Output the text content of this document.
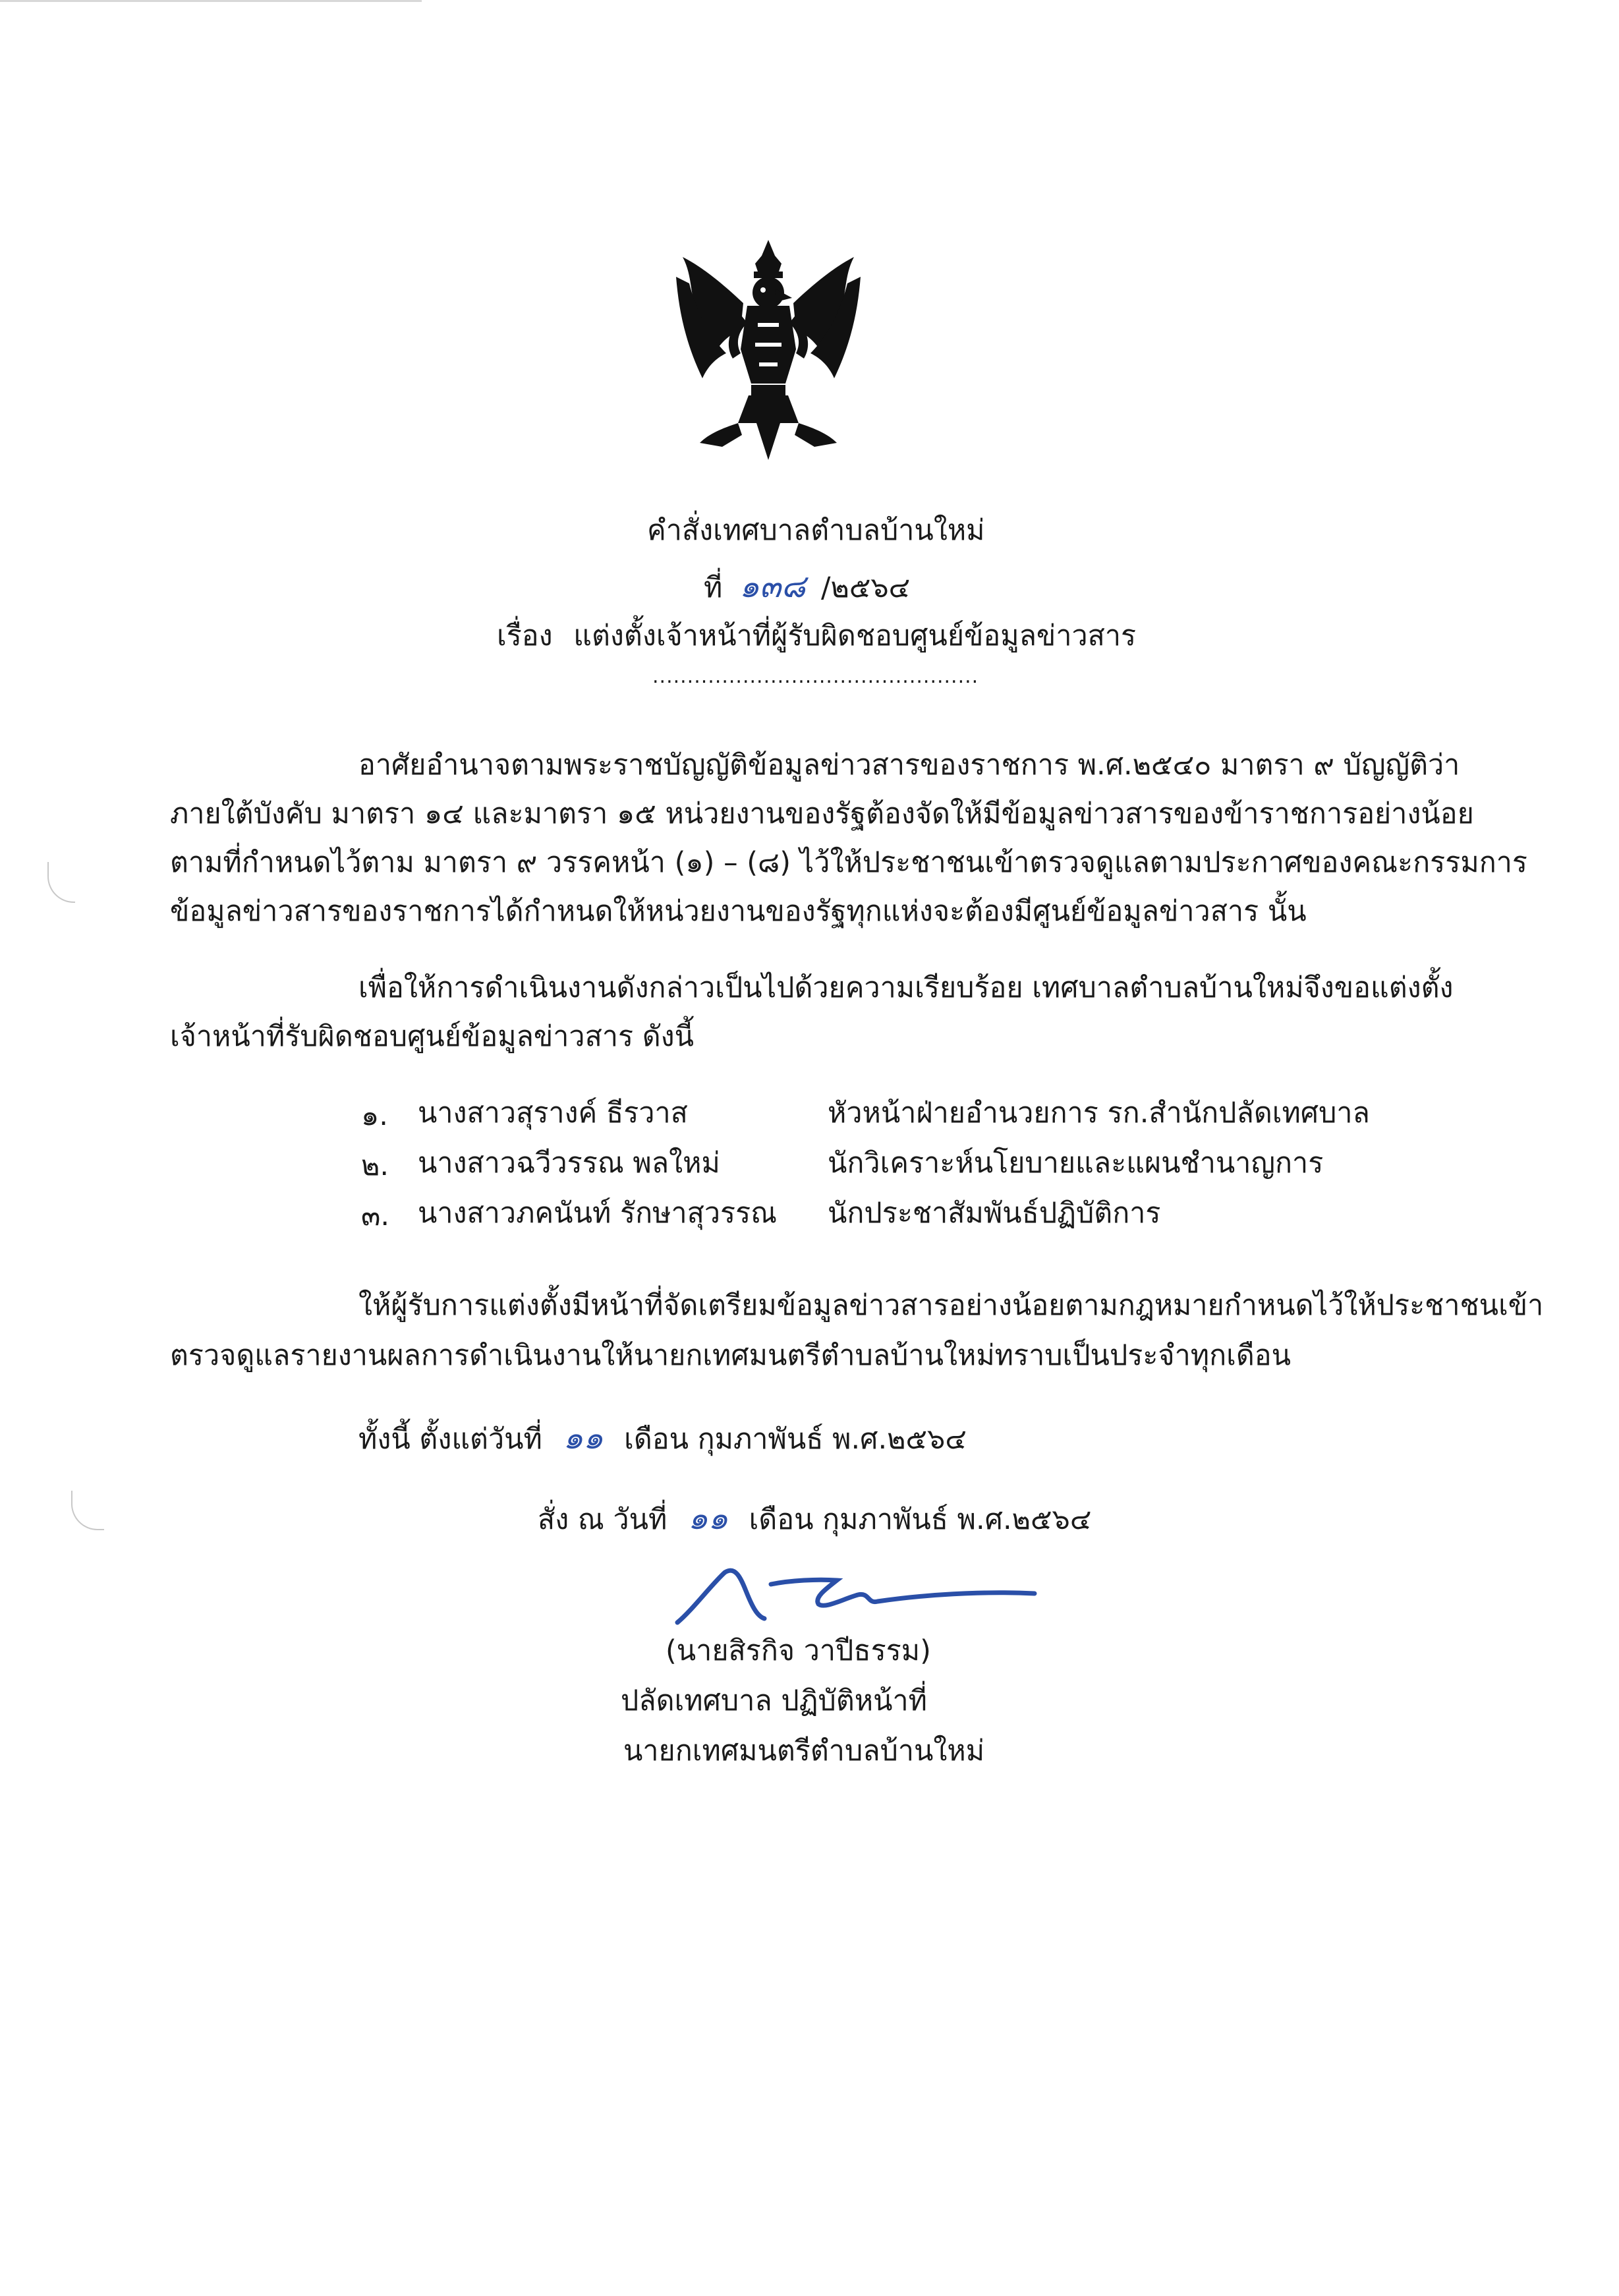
คำสั่งเทศบาลตำบลบ้านใหม่
ที่ ๑๓๘ /๒๕๖๔
เรื่อง แต่งตั้งเจ้าหน้าที่ผู้รับผิดชอบศูนย์ข้อมูลข่าวสาร
...............................................
อาศัยอำนาจตามพระราชบัญญัติข้อมูลข่าวสารของราชการ พ.ศ.๒๕๔๐ มาตรา ๙ บัญญัติว่า
ภายใต้บังคับ มาตรา ๑๔ และมาตรา ๑๕ หน่วยงานของรัฐต้องจัดให้มีข้อมูลข่าวสารของข้าราชการอย่างน้อย
ตามที่กำหนดไว้ตาม มาตรา ๙ วรรคหน้า (๑) – (๘) ไว้ให้ประชาชนเข้าตรวจดูแลตามประกาศของคณะกรรมการ
ข้อมูลข่าวสารของราชการได้กำหนดให้หน่วยงานของรัฐทุกแห่งจะต้องมีศูนย์ข้อมูลข่าวสาร นั้น
เพื่อให้การดำเนินงานดังกล่าวเป็นไปด้วยความเรียบร้อย เทศบาลตำบลบ้านใหม่จึงขอแต่งตั้ง
เจ้าหน้าที่รับผิดชอบศูนย์ข้อมูลข่าวสาร ดังนี้
๑. นางสาวสุรางค์ ธีรวาส	หัวหน้าฝ่ายอำนวยการ รก.สำนักปลัดเทศบาล
๒. นางสาวฉวีวรรณ พลใหม่	นักวิเคราะห์นโยบายและแผนชำนาญการ
๓. นางสาวภคนันท์ รักษาสุวรรณ นักประชาสัมพันธ์ปฏิบัติการ
ให้ผู้รับการแต่งตั้งมีหน้าที่จัดเตรียมข้อมูลข่าวสารอย่างน้อยตามกฎหมายกำหนดไว้ให้ประชาชนเข้า
ตรวจดูแลรายงานผลการดำเนินงานให้นายกเทศมนตรีตำบลบ้านใหม่ทราบเป็นประจำทุกเดือน
ทั้งนี้ ตั้งแต่วันที่ ๑๑ เดือน กุมภาพันธ์ พ.ศ.๒๕๖๔
สั่ง ณ วันที่ ๑๑ เดือน กุมภาพันธ์ พ.ศ.๒๕๖๔
(นายสิรกิจ วาปีธรรม)
ปลัดเทศบาล ปฏิบัติหน้าที่
นายกเทศมนตรีตำบลบ้านใหม่
